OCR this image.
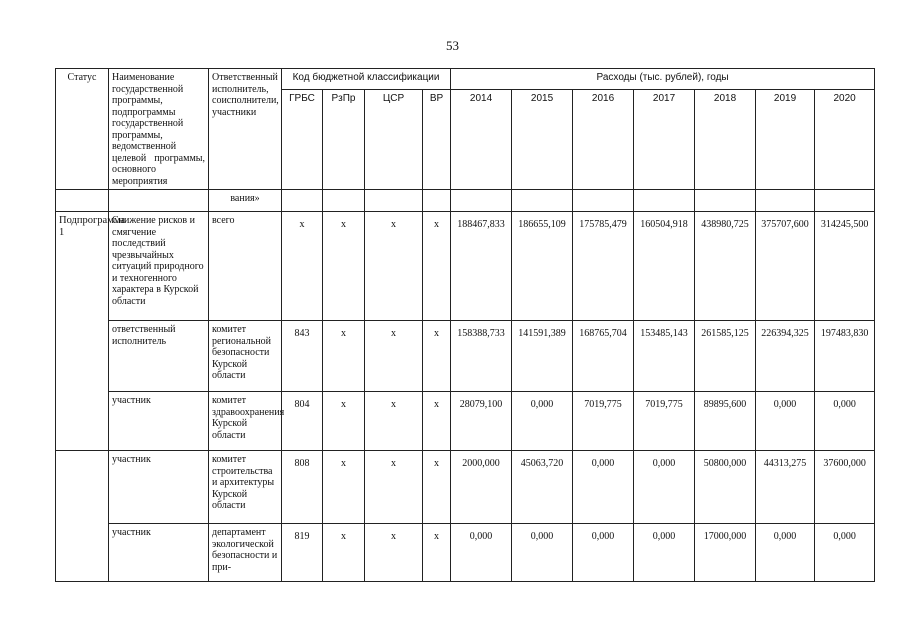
53
Статус	Наименование государственной программы, подпрограммы государственной программы, ведомственной целевой программы, основного мероприятия	Ответственный исполнитель, соисполнители, участники	Код бюджетной классификации				Расходы (тыс. рублей), годы						
			ГРБС	РзПр	ЦСР	ВР	2014	2015	2016	2017	2018	2019	2020
		вания»											
Подпрограмма 1	Снижение рисков и смягчение последствий чрезвычайных ситуаций природного и техногенного характера в Курской области	всего	x	x	x	x	188467,833	186655,109	175785,479	160504,918	438980,725	375707,600	314245,500
	ответственный исполнитель	комитет региональной безопасности Курской области	843	x	x	x	158388,733	141591,389	168765,704	153485,143	261585,125	226394,325	197483,830
	участник	комитет здравоохранения Курской области	804	x	x	x	28079,100	0,000	7019,775	7019,775	89895,600	0,000	0,000
	участник	комитет строительства и архитектуры Курской области	808	x	x	x	2000,000	45063,720	0,000	0,000	50800,000	44313,275	37600,000
	участник	департамент экологической безопасности и при-	819	x	x	x	0,000	0,000	0,000	0,000	17000,000	0,000	0,000
